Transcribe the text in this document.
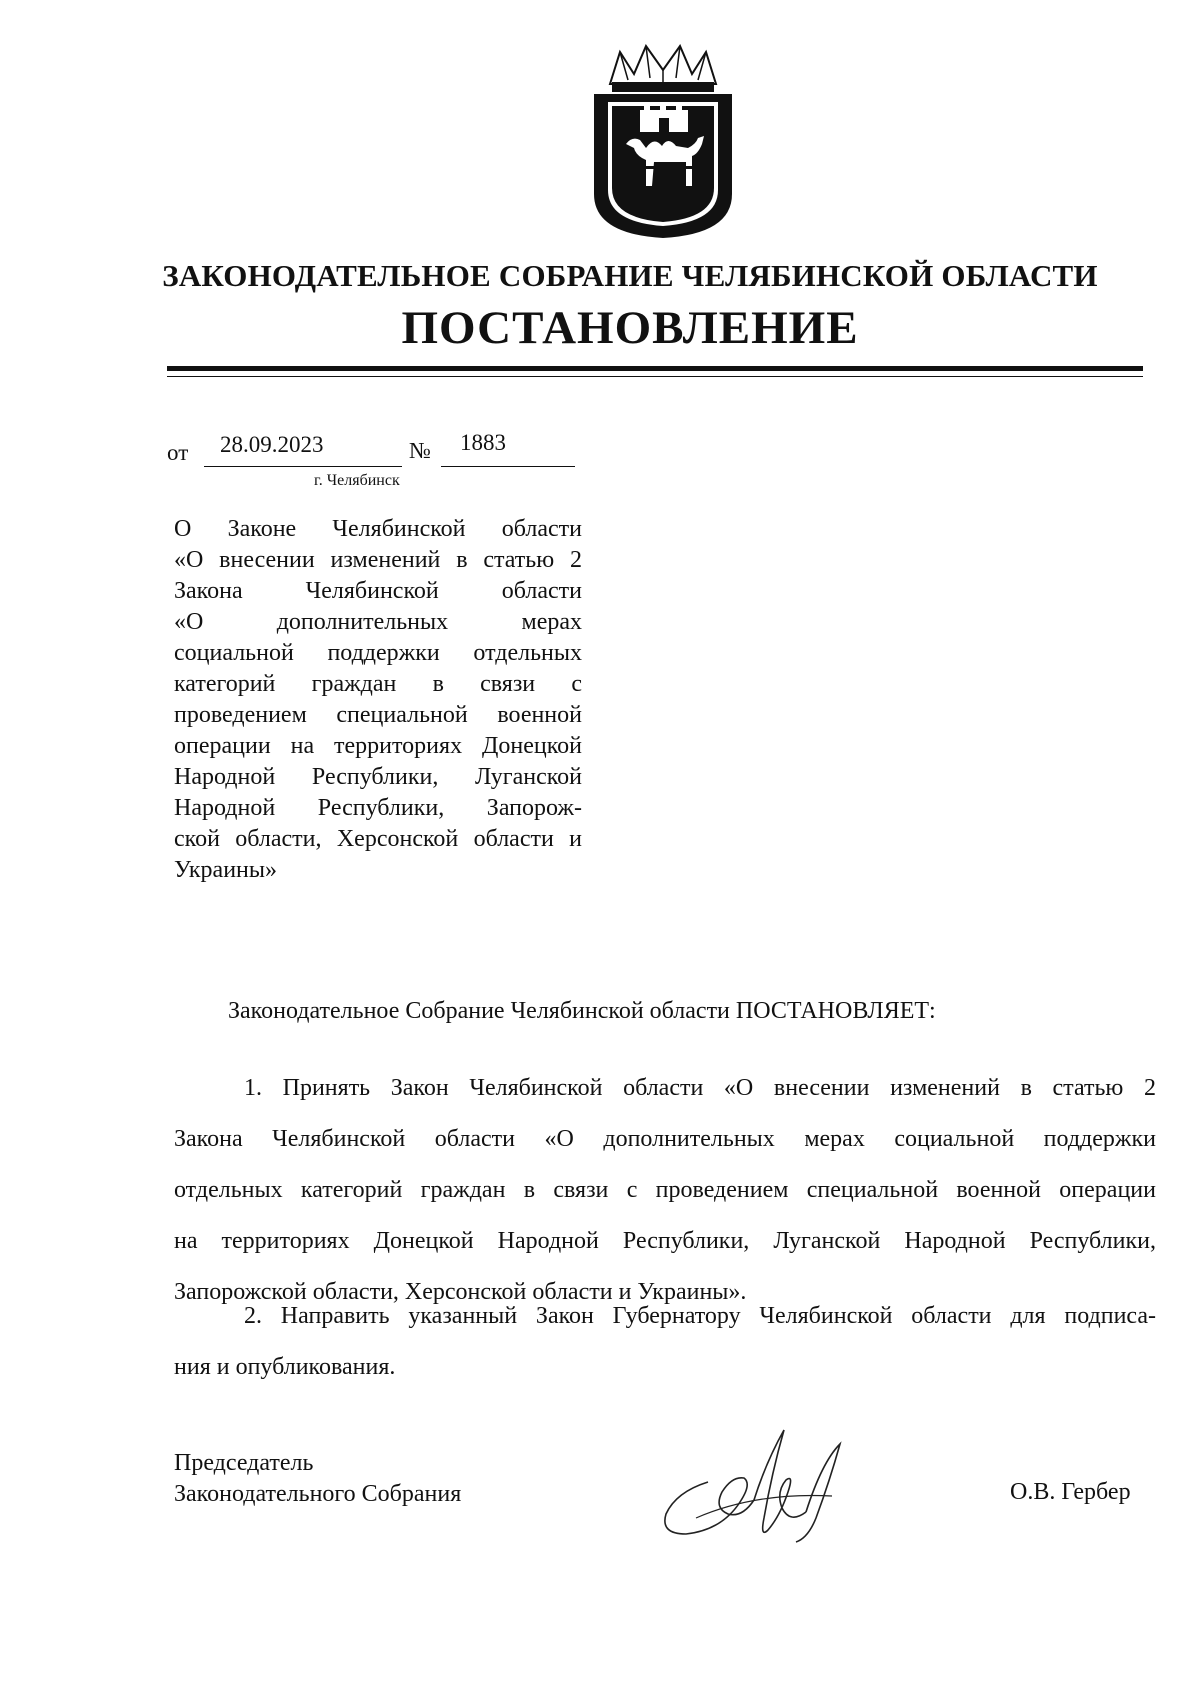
ЗАКОНОДАТЕЛЬНОЕ СОБРАНИЕ ЧЕЛЯБИНСКОЙ ОБЛАСТИ
ПОСТАНОВЛЕНИЕ
от 28.09.2023	№ 1883
г. Челябинск
О Законе Челябинской области
«О внесении изменений в статью 2
Закона Челябинской области
«О дополнительных мерах
социальной поддержки отдельных
категорий граждан в связи с
проведением специальной военной
операции на территориях Донецкой
Народной Республики, Луганской
Народной Республики, Запорож-
ской области, Херсонской области и
Украины»
Законодательное Собрание Челябинской области ПОСТАНОВЛЯЕТ:
1. Принять Закон Челябинской области «О внесении изменений в статью 2
Закона Челябинской области «О дополнительных мерах социальной поддержки
отдельных категорий граждан в связи с проведением специальной военной операции
на территориях Донецкой Народной Республики, Луганской Народной Республики,
Запорожской области, Херсонской области и Украины».
2. Направить указанный Закон Губернатору Челябинской области для подписа-
ния и опубликования.
Председатель
Законодательного Собрания	О.В. Гербер
